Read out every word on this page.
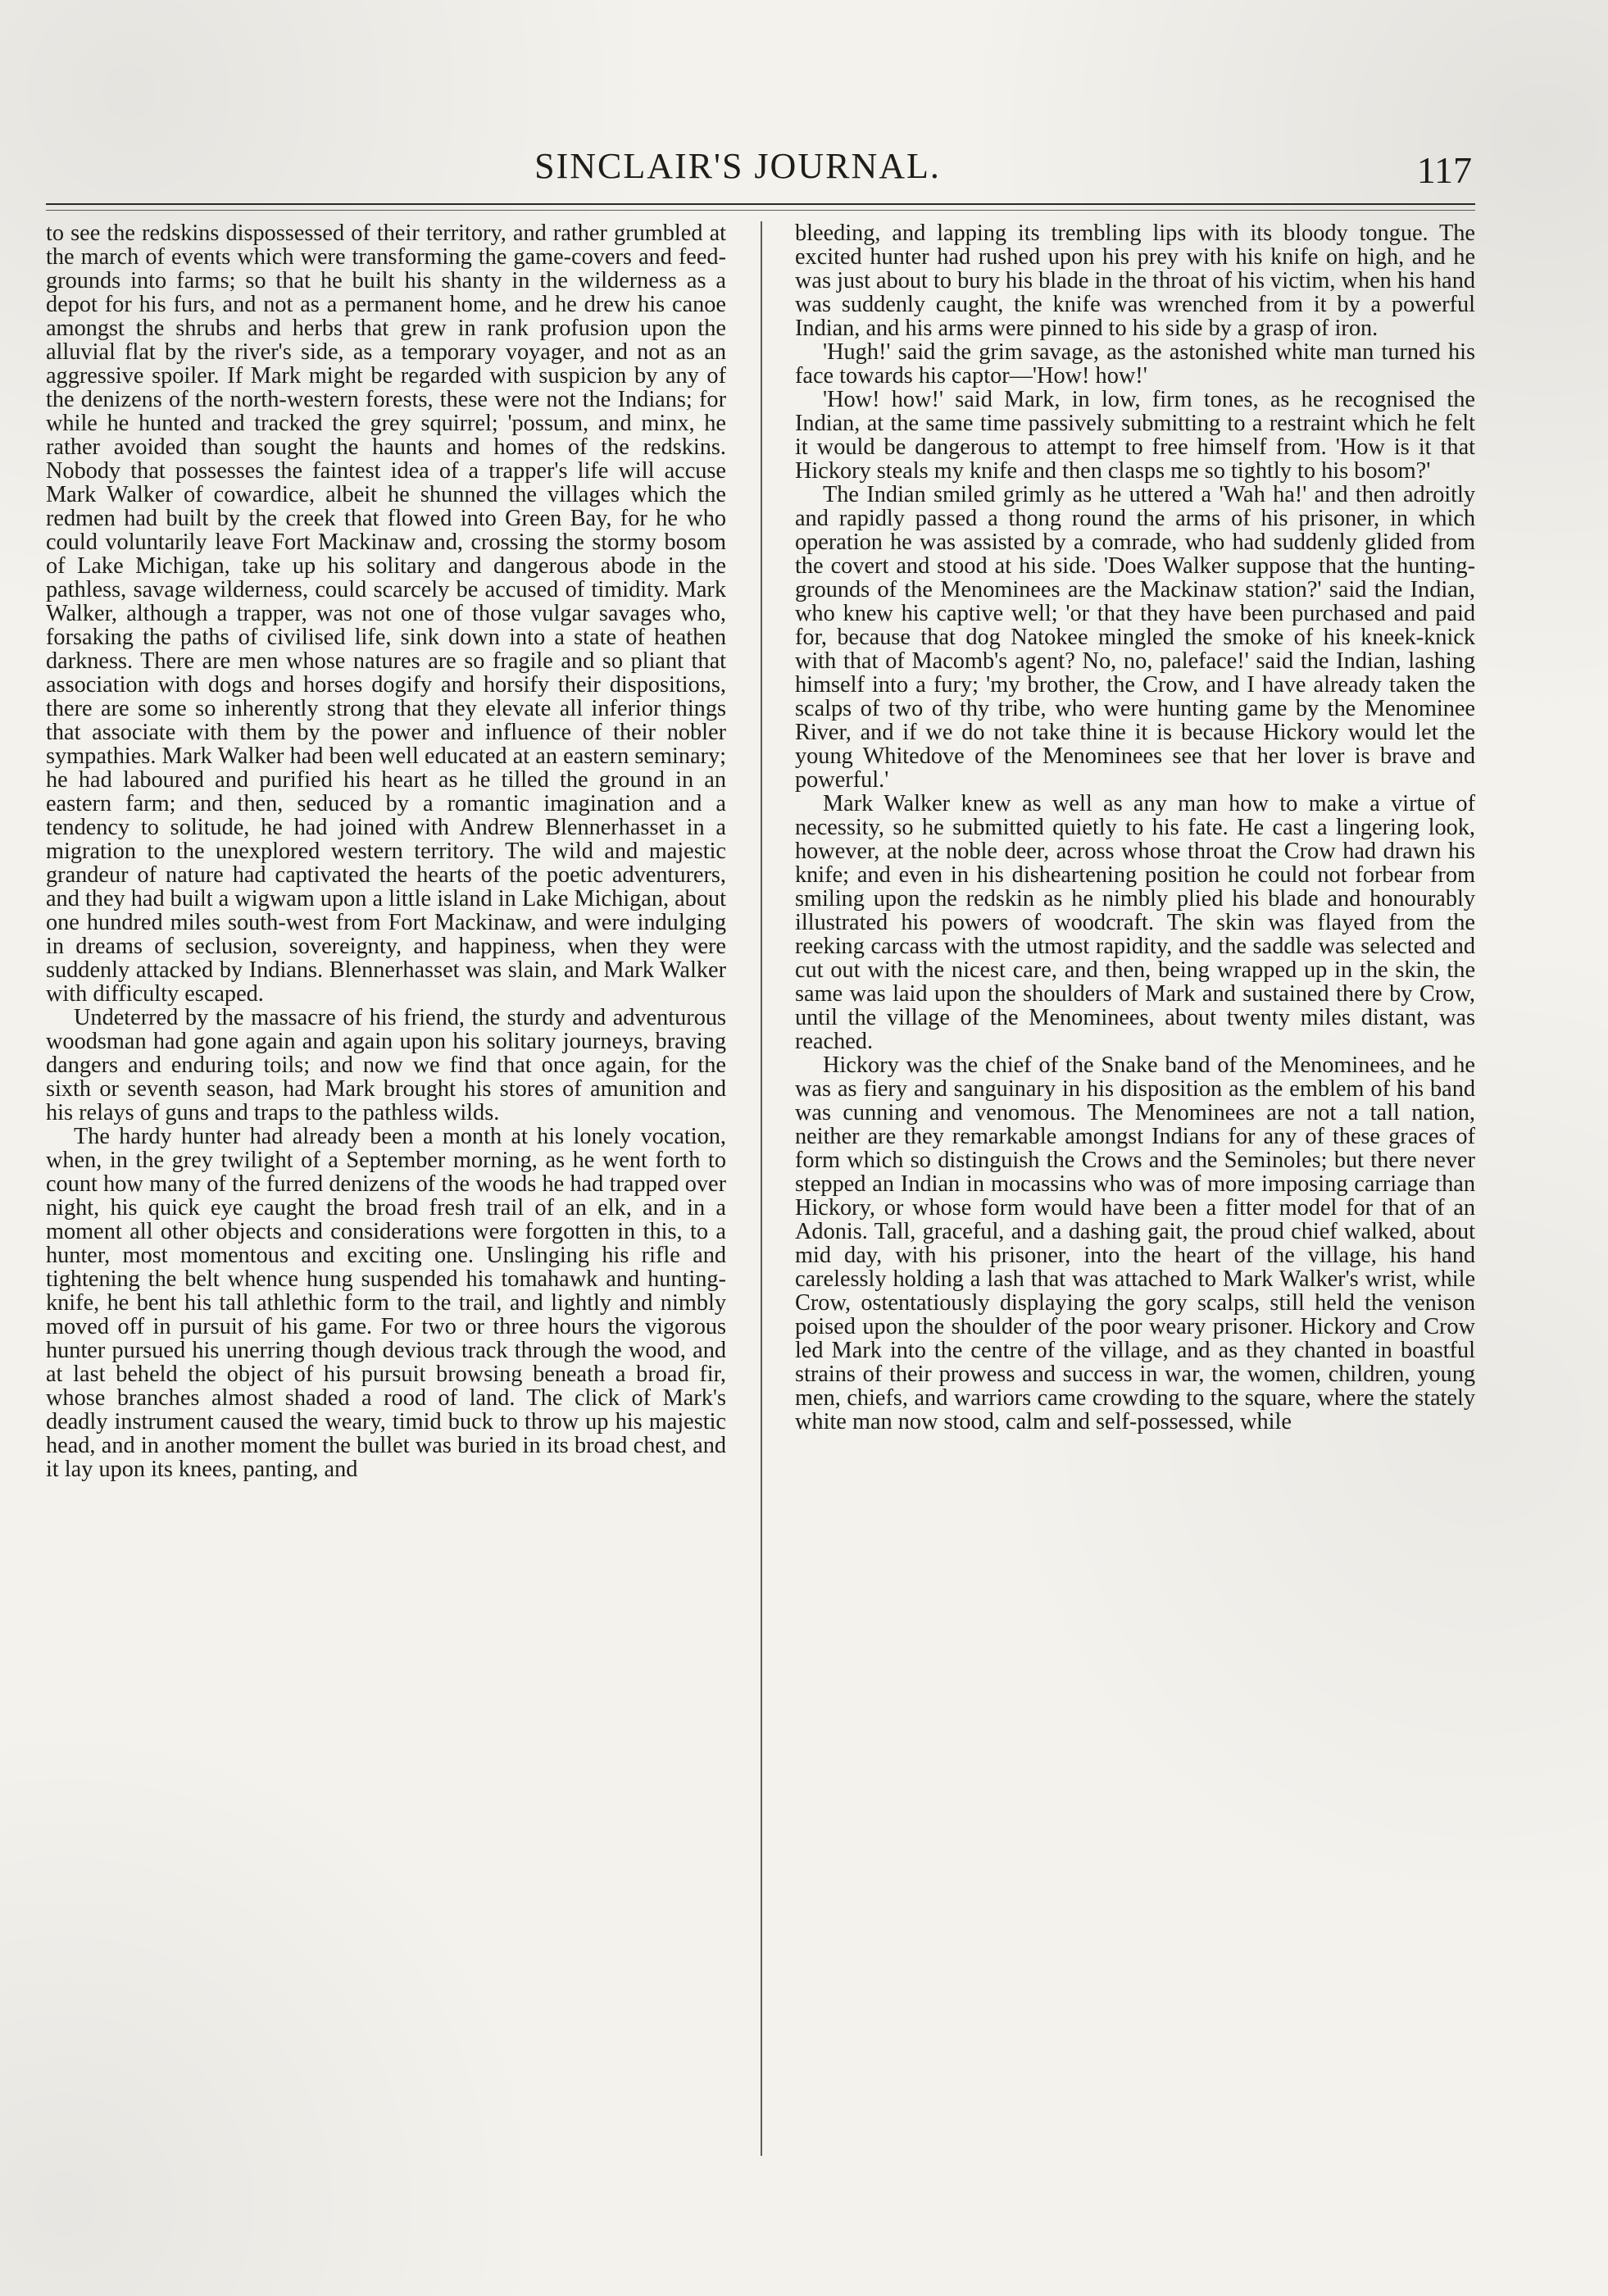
SINCLAIR'S JOURNAL.	117

to see the redskins dispossessed of their territory, and rather grumbled at the march of events which were transforming the game-covers and feed-grounds into farms; so that he built his shanty in the wilderness as a depot for his furs, and not as a permanent home, and he drew his canoe amongst the shrubs and herbs that grew in rank profusion upon the alluvial flat by the river's side, as a temporary voyager, and not as an aggressive spoiler. If Mark might be regarded with suspicion by any of the denizens of the north-western forests, these were not the Indians; for while he hunted and tracked the grey squirrel; 'possum, and minx, he rather avoided than sought the haunts and homes of the redskins. Nobody that possesses the faintest idea of a trapper's life will accuse Mark Walker of cowardice, albeit he shunned the villages which the redmen had built by the creek that flowed into Green Bay, for he who could voluntarily leave Fort Mackinaw and, crossing the stormy bosom of Lake Michigan, take up his solitary and dangerous abode in the pathless, savage wilderness, could scarcely be accused of timidity. Mark Walker, although a trapper, was not one of those vulgar savages who, forsaking the paths of civilised life, sink down into a state of heathen darkness. There are men whose natures are so fragile and so pliant that association with dogs and horses dogify and horsify their dispositions, there are some so inherently strong that they elevate all inferior things that associate with them by the power and influence of their nobler sympathies. Mark Walker had been well educated at an eastern seminary; he had laboured and purified his heart as he tilled the ground in an eastern farm; and then, seduced by a romantic imagination and a tendency to solitude, he had joined with Andrew Blennerhasset in a migration to the unexplored western territory. The wild and majestic grandeur of nature had captivated the hearts of the poetic adventurers, and they had built a wigwam upon a little island in Lake Michigan, about one hundred miles south-west from Fort Mackinaw, and were indulging in dreams of seclusion, sovereignty, and happiness, when they were suddenly attacked by Indians. Blennerhasset was slain, and Mark Walker with difficulty escaped.

Undeterred by the massacre of his friend, the sturdy and adventurous woodsman had gone again and again upon his solitary journeys, braving dangers and enduring toils; and now we find that once again, for the sixth or seventh season, had Mark brought his stores of amunition and his relays of guns and traps to the pathless wilds.

The hardy hunter had already been a month at his lonely vocation, when, in the grey twilight of a September morning, as he went forth to count how many of the furred denizens of the woods he had trapped over night, his quick eye caught the broad fresh trail of an elk, and in a moment all other objects and considerations were forgotten in this, to a hunter, most momentous and exciting one. Unslinging his rifle and tightening the belt whence hung suspended his tomahawk and hunting-knife, he bent his tall athlethic form to the trail, and lightly and nimbly moved off in pursuit of his game. For two or three hours the vigorous hunter pursued his unerring though devious track through the wood, and at last beheld the object of his pursuit browsing beneath a broad fir, whose branches almost shaded a rood of land. The click of Mark's deadly instrument caused the weary, timid buck to throw up his majestic head, and in another moment the bullet was buried in its broad chest, and it lay upon its knees, panting, and

bleeding, and lapping its trembling lips with its bloody tongue. The excited hunter had rushed upon his prey with his knife on high, and he was just about to bury his blade in the throat of his victim, when his hand was suddenly caught, the knife was wrenched from it by a powerful Indian, and his arms were pinned to his side by a grasp of iron.

'Hugh!' said the grim savage, as the astonished white man turned his face towards his captor—'How! how!'

'How! how!' said Mark, in low, firm tones, as he recognised the Indian, at the same time passively submitting to a restraint which he felt it would be dangerous to attempt to free himself from. 'How is it that Hickory steals my knife and then clasps me so tightly to his bosom?'

The Indian smiled grimly as he uttered a 'Wah ha!' and then adroitly and rapidly passed a thong round the arms of his prisoner, in which operation he was assisted by a comrade, who had suddenly glided from the covert and stood at his side. 'Does Walker suppose that the hunting-grounds of the Menominees are the Mackinaw station?' said the Indian, who knew his captive well; 'or that they have been purchased and paid for, because that dog Natokee mingled the smoke of his kneek-knick with that of Macomb's agent? No, no, paleface!' said the Indian, lashing himself into a fury; 'my brother, the Crow, and I have already taken the scalps of two of thy tribe, who were hunting game by the Menominee River, and if we do not take thine it is because Hickory would let the young Whitedove of the Menominees see that her lover is brave and powerful.'

Mark Walker knew as well as any man how to make a virtue of necessity, so he submitted quietly to his fate. He cast a lingering look, however, at the noble deer, across whose throat the Crow had drawn his knife; and even in his disheartening position he could not forbear from smiling upon the redskin as he nimbly plied his blade and honourably illustrated his powers of woodcraft. The skin was flayed from the reeking carcass with the utmost rapidity, and the saddle was selected and cut out with the nicest care, and then, being wrapped up in the skin, the same was laid upon the shoulders of Mark and sustained there by Crow, until the village of the Menominees, about twenty miles distant, was reached.

Hickory was the chief of the Snake band of the Menominees, and he was as fiery and sanguinary in his disposition as the emblem of his band was cunning and venomous. The Menominees are not a tall nation, neither are they remarkable amongst Indians for any of these graces of form which so distinguish the Crows and the Seminoles; but there never stepped an Indian in mocassins who was of more imposing carriage than Hickory, or whose form would have been a fitter model for that of an Adonis. Tall, graceful, and a dashing gait, the proud chief walked, about mid day, with his prisoner, into the heart of the village, his hand carelessly holding a lash that was attached to Mark Walker's wrist, while Crow, ostentatiously displaying the gory scalps, still held the venison poised upon the shoulder of the poor weary prisoner. Hickory and Crow led Mark into the centre of the village, and as they chanted in boastful strains of their prowess and success in war, the women, children, young men, chiefs, and warriors came crowding to the square, where the stately white man now stood, calm and self-possessed, while
